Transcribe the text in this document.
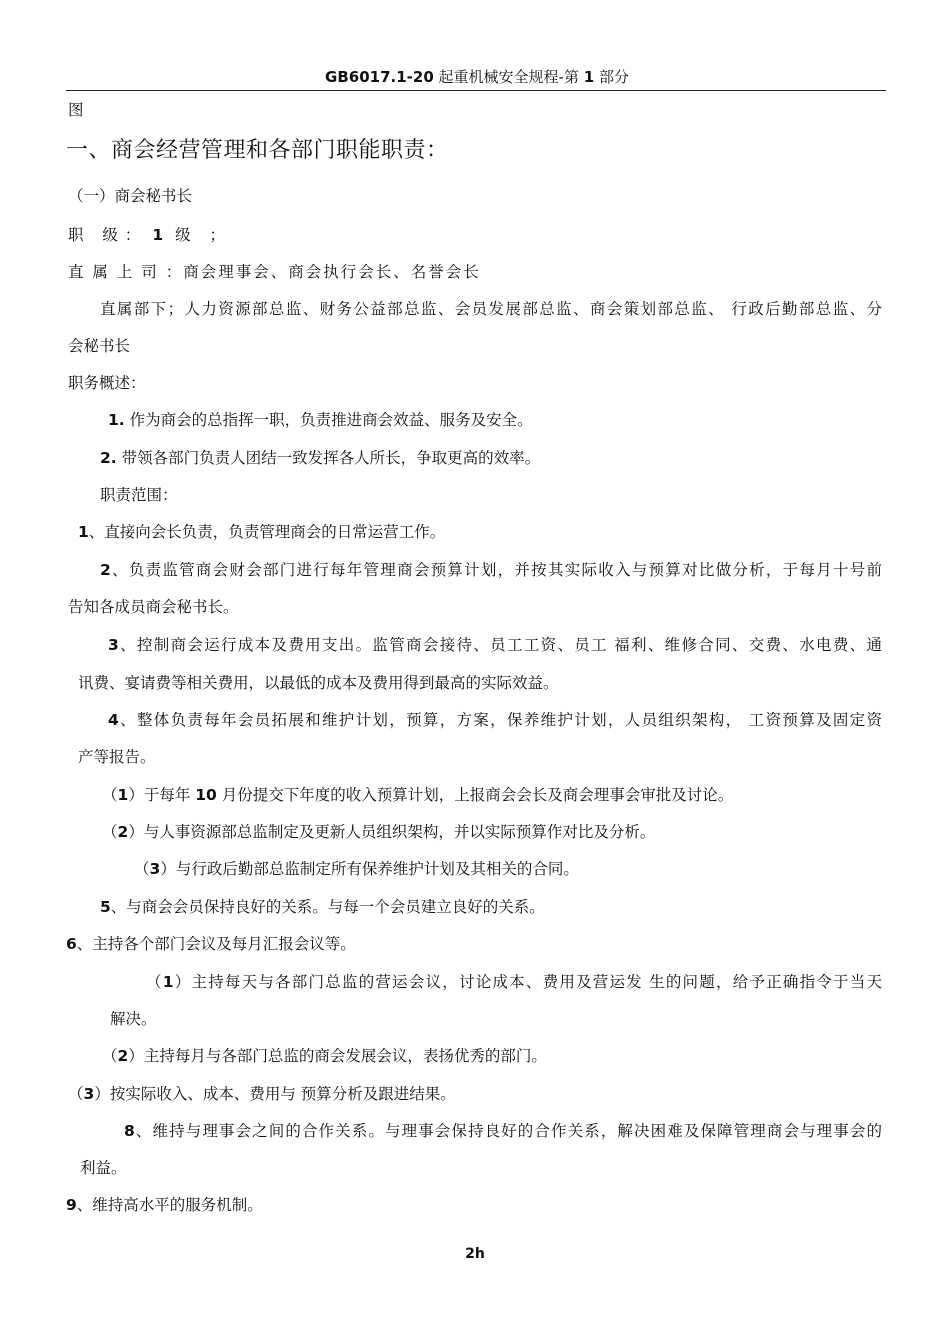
GB6017.1-20 起重机械安全规程-第 1 部分
图
一、商会经营管理和各部门职能职责：
（一）商会秘书长
职 级： 1 级 ；
直 属 上 司 ：商会理事会、商会执行会长、名誉会长
直属部下；人力资源部总监、财务公益部总监、会员发展部总监、商会策划部总监、 行政后勤部总监、分
会秘书长
职务概述：
1. 作为商会的总指挥一职，负责推进商会效益、服务及安全。
2. 带领各部门负责人团结一致发挥各人所长，争取更高的效率。
职责范围：
1、直接向会长负责，负责管理商会的日常运营工作。
2、负责监管商会财会部门进行每年管理商会预算计划，并按其实际收入与预算对比做分析，于每月十号前
告知各成员商会秘书长。
3、控制商会运行成本及费用支出。监管商会接待、员工工资、员工 福利、维修合同、交费、水电费、通
讯费、宴请费等相关费用，以最低的成本及费用得到最高的实际效益。
4、整体负责每年会员拓展和维护计划，预算，方案，保养维护计划，人员组织架构， 工资预算及固定资
产等报告。
（1）于每年 10 月份提交下年度的收入预算计划，上报商会会长及商会理事会审批及讨论。
（2）与人事资源部总监制定及更新人员组织架构，并以实际预算作对比及分析。
（3）与行政后勤部总监制定所有保养维护计划及其相关的合同。
5、与商会会员保持良好的关系。与每一个会员建立良好的关系。
6、主持各个部门会议及每月汇报会议等。
（1）主持每天与各部门总监的营运会议，讨论成本、费用及营运发 生的问题，给予正确指令于当天
解决。
（2）主持每月与各部门总监的商会发展会议，表扬优秀的部门。
（3）按实际收入、成本、费用与 预算分析及跟进结果。
8、维持与理事会之间的合作关系。与理事会保持良好的合作关系，解决困难及保障管理商会与理事会的
利益。
9、维持高水平的服务机制。
2h
